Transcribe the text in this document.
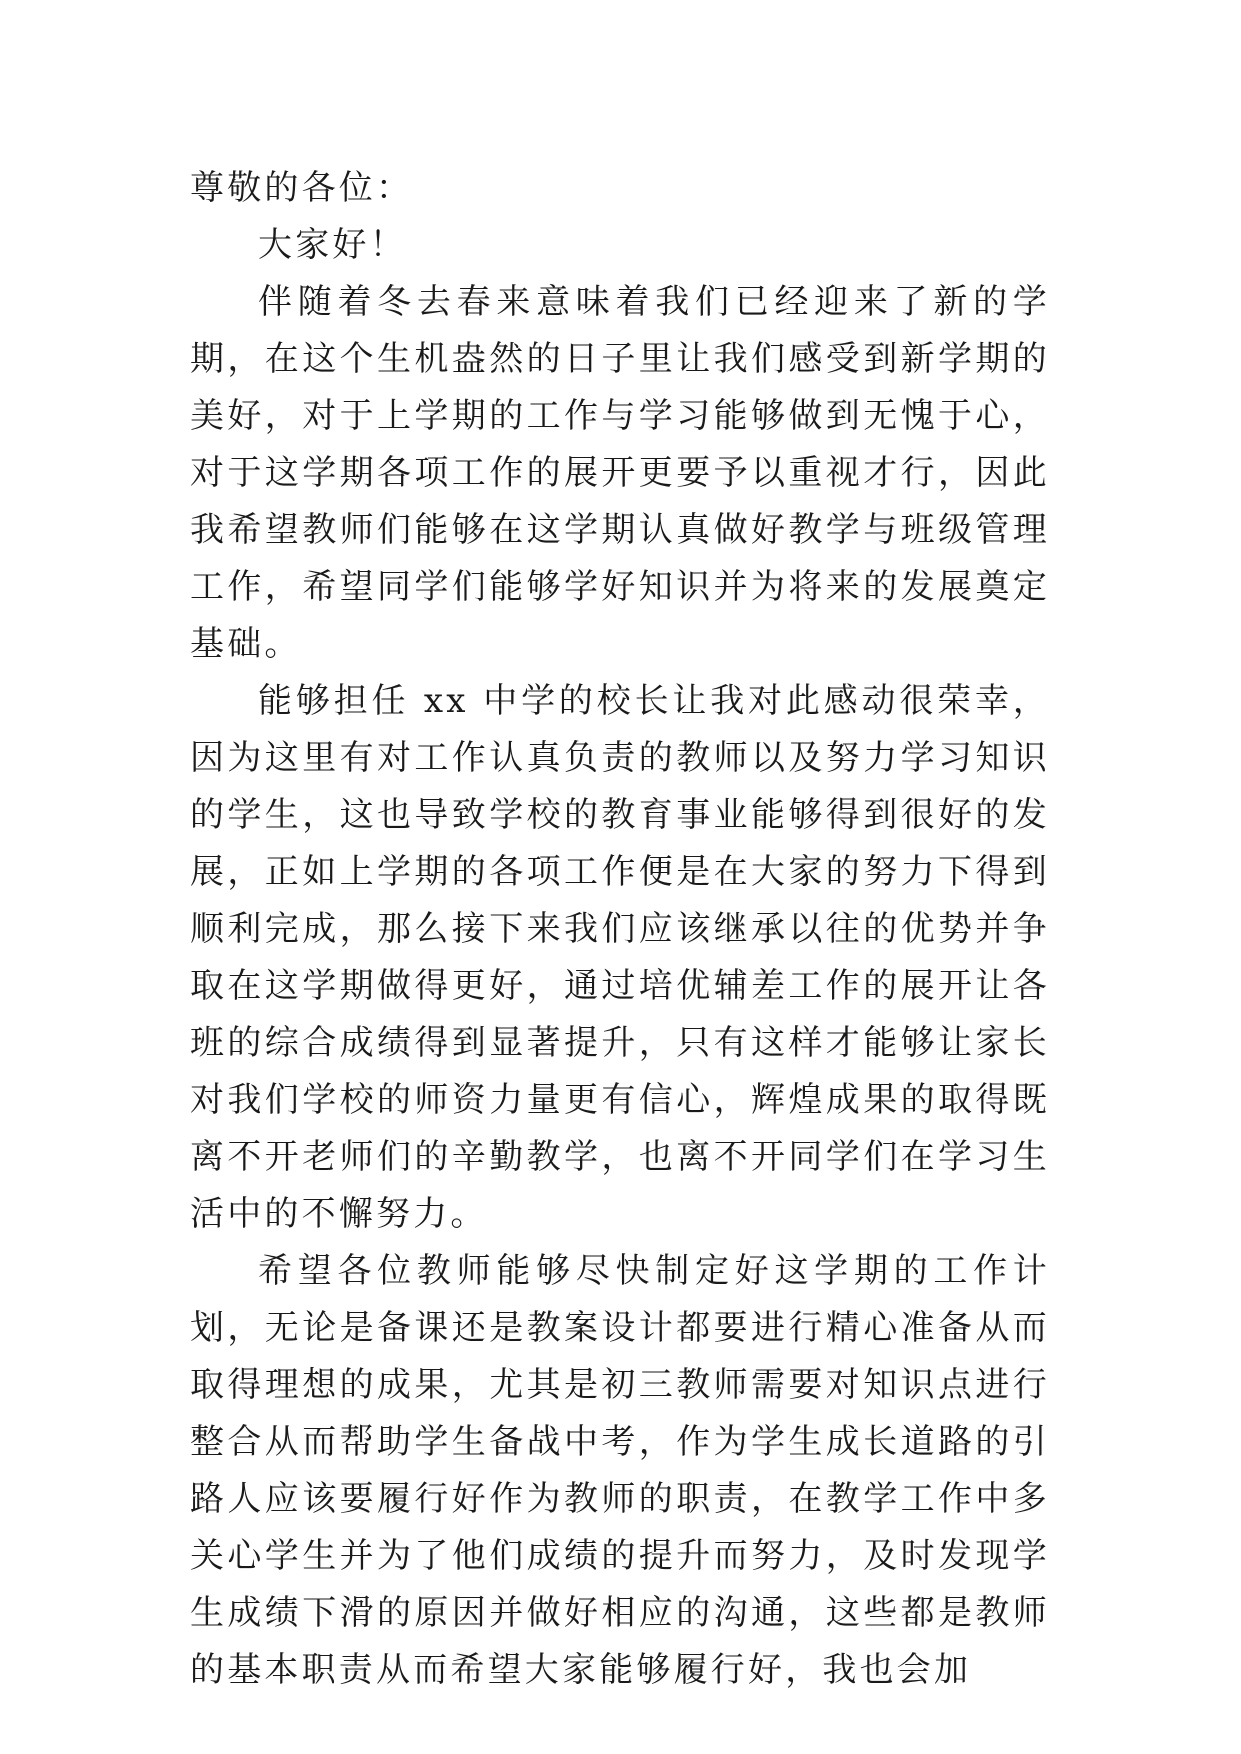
尊敬的各位：

大家好！

伴随着冬去春来意味着我们已经迎来了新的学期，在这个生机盎然的日子里让我们感受到新学期的美好，对于上学期的工作与学习能够做到无愧于心，对于这学期各项工作的展开更要予以重视才行，因此我希望教师们能够在这学期认真做好教学与班级管理工作，希望同学们能够学好知识并为将来的发展奠定基础。

能够担任 xx 中学的校长让我对此感动很荣幸，因为这里有对工作认真负责的教师以及努力学习知识的学生，这也导致学校的教育事业能够得到很好的发展，正如上学期的各项工作便是在大家的努力下得到顺利完成，那么接下来我们应该继承以往的优势并争取在这学期做得更好，通过培优辅差工作的展开让各班的综合成绩得到显著提升，只有这样才能够让家长对我们学校的师资力量更有信心，辉煌成果的取得既离不开老师们的辛勤教学，也离不开同学们在学习生活中的不懈努力。

希望各位教师能够尽快制定好这学期的工作计划，无论是备课还是教案设计都要进行精心准备从而取得理想的成果，尤其是初三教师需要对知识点进行整合从而帮助学生备战中考，作为学生成长道路的引路人应该要履行好作为教师的职责，在教学工作中多关心学生并为了他们成绩的提升而努力，及时发现学生成绩下滑的原因并做好相应的沟通，这些都是教师的基本职责从而希望大家能够履行好，我也会加
